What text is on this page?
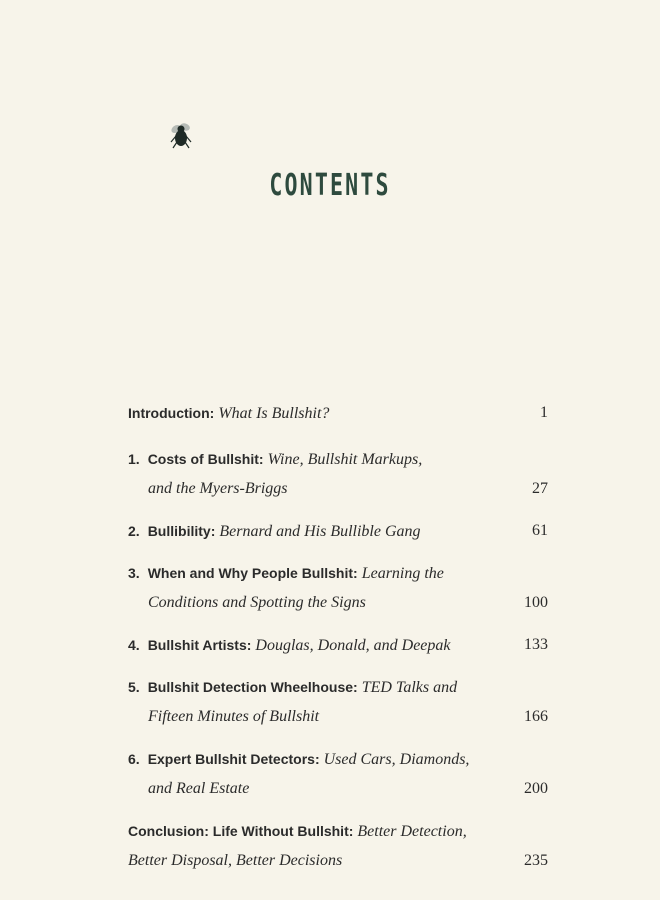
CONTENTS
Introduction: What Is Bullshit?	1
1. Costs of Bullshit: Wine, Bullshit Markups,
and the Myers-Briggs	27
2. Bullibility: Bernard and His Bullible Gang	61
3. When and Why People Bullshit: Learning the
Conditions and Spotting the Signs	100
4. Bullshit Artists: Douglas, Donald, and Deepak	133
5. Bullshit Detection Wheelhouse: TED Talks and
Fifteen Minutes of Bullshit	166
6. Expert Bullshit Detectors: Used Cars, Diamonds,
and Real Estate	200
Conclusion: Life Without Bullshit: Better Detection,
Better Disposal, Better Decisions	235
